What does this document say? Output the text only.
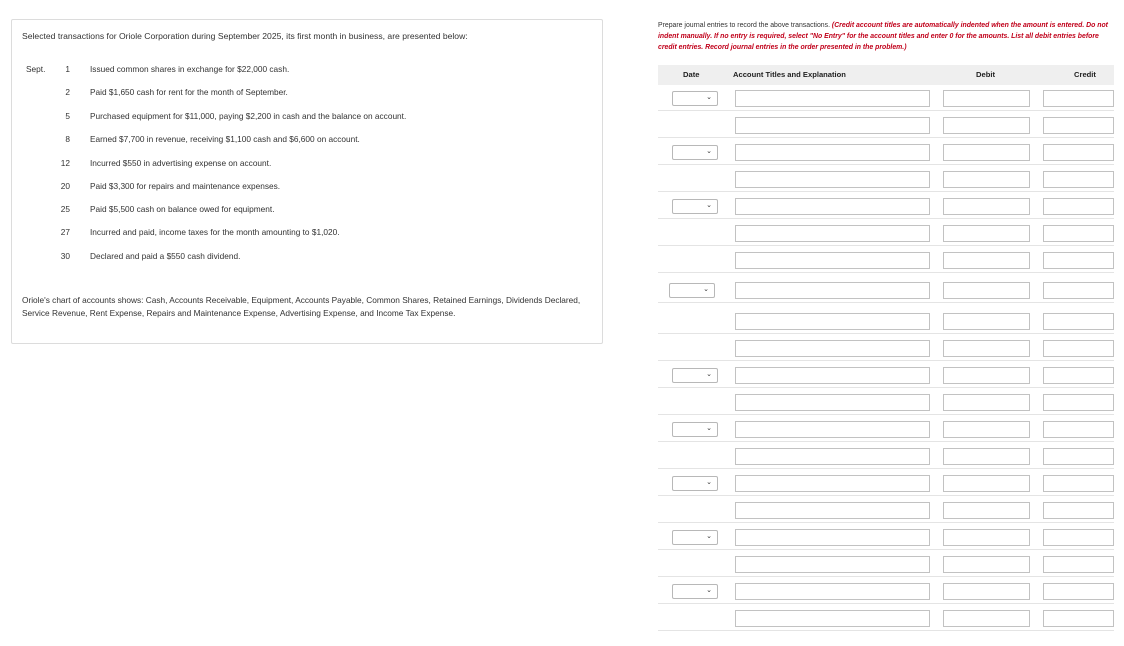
Selected transactions for Oriole Corporation during September 2025, its first month in business, are presented below:
Sept.	1 Issued common shares in exchange for $22,000 cash.
2 Paid $1,650 cash for rent for the month of September.
5 Purchased equipment for $11,000, paying $2,200 in cash and the balance on account.
8 Earned $7,700 in revenue, receiving $1,100 cash and $6,600 on account.
12 Incurred $550 in advertising expense on account.
20 Paid $3,300 for repairs and maintenance expenses.
25 Paid $5,500 cash on balance owed for equipment.
27 Incurred and paid, income taxes for the month amounting to $1,020.
30 Declared and paid a $550 cash dividend.
Oriole's chart of accounts shows: Cash, Accounts Receivable, Equipment, Accounts Payable, Common Shares, Retained Earnings, Dividends Declared, Service Revenue, Rent Expense, Repairs and Maintenance Expense, Advertising Expense, and Income Tax Expense.
Prepare journal entries to record the above transactions. (Credit account titles are automatically indented when the amount is entered. Do not indent manually. If no entry is required, select "No Entry" for the account titles and enter 0 for the amounts. List all debit entries before credit entries. Record journal entries in the order presented in the problem.)
Date	Account Titles and Explanation	Debit	Credit
⌄
⌄
⌄
⌄
⌄
⌄
⌄
⌄
⌄
